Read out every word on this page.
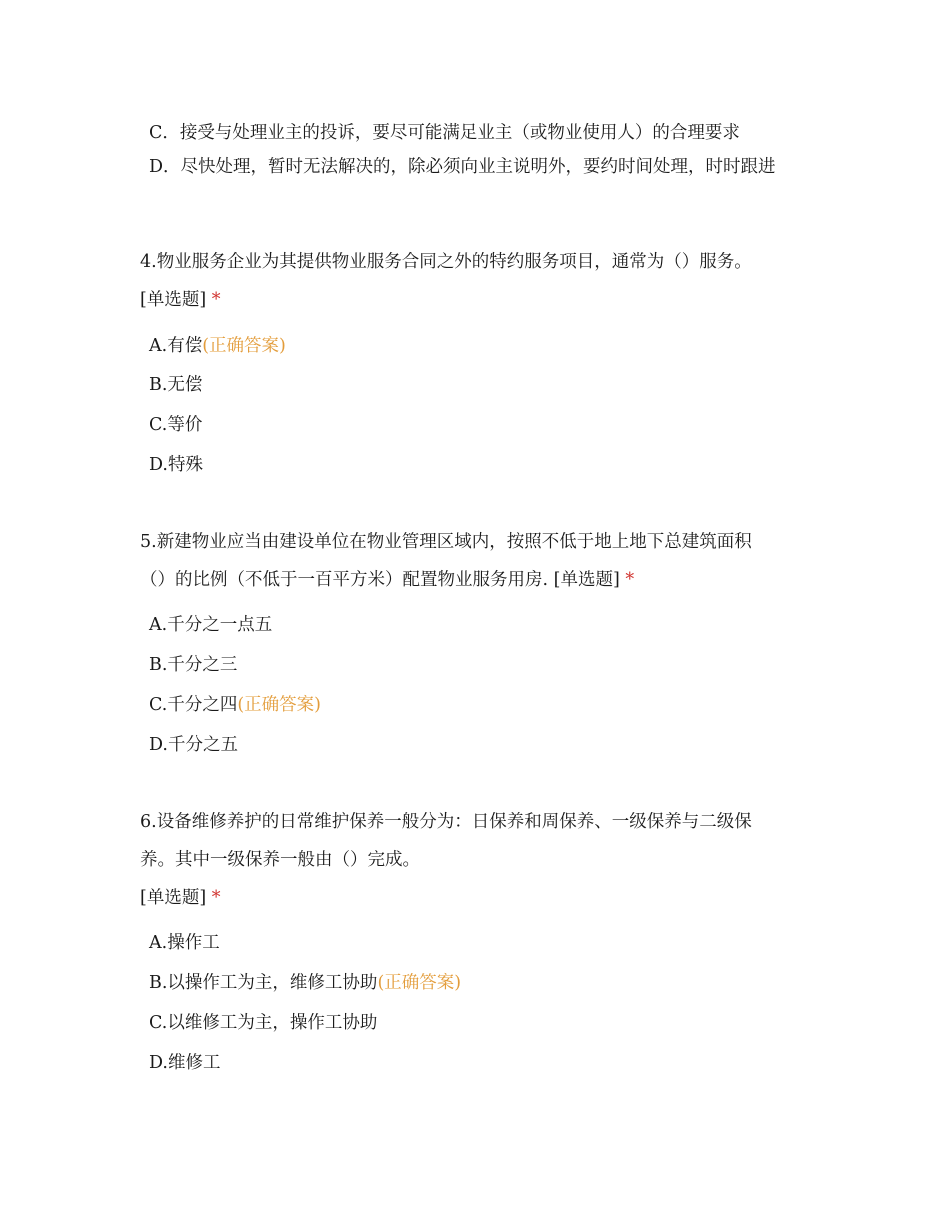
C．接受与处理业主的投诉，要尽可能满足业主（或物业使用人）的合理要求
D．尽快处理，暂时无法解决的，除必须向业主说明外，要约时间处理，时时跟进
4.物业服务企业为其提供物业服务合同之外的特约服务项目，通常为（）服务。
[单选题] *
A.有偿(正确答案)
B.无偿
C.等价
D.特殊
5.新建物业应当由建设单位在物业管理区域内，按照不低于地上地下总建筑面积
（）的比例（不低于一百平方米）配置物业服务用房. [单选题] *
A.千分之一点五
B.千分之三
C.千分之四(正确答案)
D.千分之五
6.设备维修养护的日常维护保养一般分为：日保养和周保养、一级保养与二级保
养。其中一级保养一般由（）完成。
[单选题] *
A.操作工
B.以操作工为主，维修工协助(正确答案)
C.以维修工为主，操作工协助
D.维修工
